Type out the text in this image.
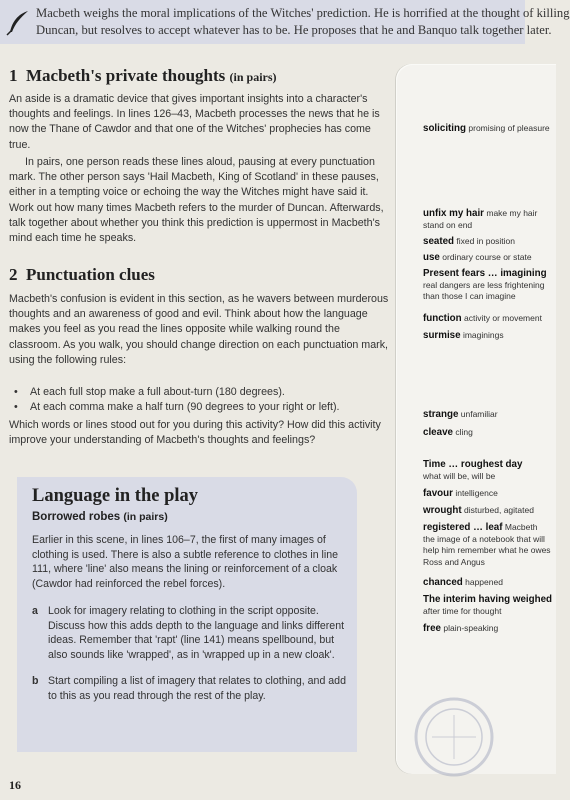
Macbeth weighs the moral implications of the Witches' prediction. He is horrified at the thought of killing
Duncan, but resolves to accept whatever has to be. He proposes that he and Banquo talk together later.
soliciting promising of pleasure
unfix my hair make my hair
stand on end
seated fixed in position
use ordinary course or state
Present fears … imagining
real dangers are less frightening
than those I can imagine
function activity or movement
surmise imaginings
strange unfamiliar
cleave cling
Time … roughest day
what will be, will be
favour intelligence
wrought disturbed, agitated
registered … leaf Macbeth
the image of a notebook that will
help him remember what he owes
Ross and Angus
chanced happened
The interim having weighed
after time for thought
free plain-speaking
1 Macbeth's private thoughts (in pairs)

An aside is a dramatic device that gives important insights into a character's thoughts and feelings. In lines 126–43, Macbeth processes the news that he is now the Thane of Cawdor and that one of the Witches' prophecies has come true.

In pairs, one person reads these lines aloud, pausing at every punctuation mark. The other person says 'Hail Macbeth, King of Scotland' in these pauses, either in a tempting voice or echoing the way the Witches might have said it. Work out how many times Macbeth refers to the murder of Duncan. Afterwards, talk together about whether you think this prediction is uppermost in Macbeth's mind each time he speaks.

2 Punctuation clues

Macbeth's confusion is evident in this section, as he wavers between murderous thoughts and an awareness of good and evil. Think about how the language makes you feel as you read the lines opposite while walking round the classroom. As you walk, you should change direction on each punctuation mark, using the following rules:

• At each full stop make a full about-turn (180 degrees).
• At each comma make a half turn (90 degrees to your right or left).

Which words or lines stood out for you during this activity? How did this activity improve your understanding of Macbeth's thoughts and feelings?

Language in the play
Borrowed robes (in pairs)

Earlier in this scene, in lines 106–7, the first of many images of clothing is used. There is also a subtle reference to clothes in line 111, where 'line' also means the lining or reinforcement of a cloak (Cawdor had reinforced the rebel forces).

a Look for imagery relating to clothing in the script opposite. Discuss how this adds depth to the language and links different ideas. Remember that 'rapt' (line 141) means spellbound, but also sounds like 'wrapped', as in 'wrapped up in a new cloak'.
b Start compiling a list of imagery that relates to clothing, and add to this as you read through the rest of the play.
16
